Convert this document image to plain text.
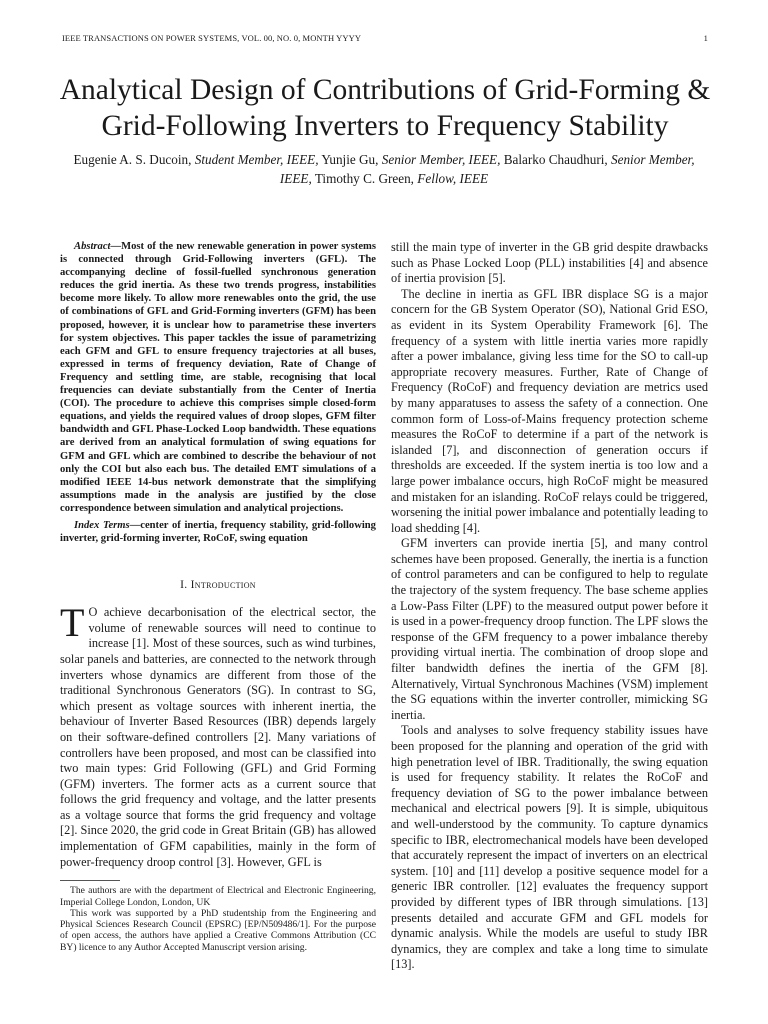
IEEE TRANSACTIONS ON POWER SYSTEMS, VOL. 00, NO. 0, MONTH YYYY	1
Analytical Design of Contributions of Grid-Forming & Grid-Following Inverters to Frequency Stability
Eugenie A. S. Ducoin, Student Member, IEEE, Yunjie Gu, Senior Member, IEEE, Balarko Chaudhuri, Senior Member, IEEE, Timothy C. Green, Fellow, IEEE

Abstract—Most of the new renewable generation in power systems is connected through Grid-Following inverters (GFL). The accompanying decline of fossil-fuelled synchronous generation reduces the grid inertia. As these two trends progress, instabilities become more likely. To allow more renewables onto the grid, the use of combinations of GFL and Grid-Forming inverters (GFM) has been proposed, however, it is unclear how to parametrise these inverters for system objectives. This paper tackles the issue of parametrizing each GFM and GFL to ensure frequency trajectories at all buses, expressed in terms of frequency deviation, Rate of Change of Frequency and settling time, are stable, recognising that local frequencies can deviate substantially from the Center of Inertia (COI). The procedure to achieve this comprises simple closed-form equations, and yields the required values of droop slopes, GFM filter bandwidth and GFL Phase-Locked Loop bandwidth. These equations are derived from an analytical formulation of swing equations for GFM and GFL which are combined to describe the behaviour of not only the COI but also each bus. The detailed EMT simulations of a modified IEEE 14-bus network demonstrate that the simplifying assumptions made in the analysis are justified by the close correspondence between simulation and analytical projections.

Index Terms—center of inertia, frequency stability, grid-following inverter, grid-forming inverter, RoCoF, swing equation

I. Introduction

T O achieve decarbonisation of the electrical sector, the volume of renewable sources will need to continue to increase [1]. Most of these sources, such as wind turbines, solar panels and batteries, are connected to the network through inverters whose dynamics are different from those of the traditional Synchronous Generators (SG). In contrast to SG, which present as voltage sources with inherent inertia, the behaviour of Inverter Based Resources (IBR) depends largely on their software-defined controllers [2]. Many variations of controllers have been proposed, and most can be classified into two main types: Grid Following (GFL) and Grid Forming (GFM) inverters. The former acts as a current source that follows the grid frequency and voltage, and the latter presents as a voltage source that forms the grid frequency and voltage [2]. Since 2020, the grid code in Great Britain (GB) has allowed implementation of GFM capabilities, mainly in the form of power-frequency droop control [3]. However, GFL is

The authors are with the department of Electrical and Electronic Engineering, Imperial College London, London, UK

This work was supported by a PhD studentship from the Engineering and Physical Sciences Research Council (EPSRC) [EP/N509486/1]. For the purpose of open access, the authors have applied a Creative Commons Attribution (CC BY) licence to any Author Accepted Manuscript version arising.

still the main type of inverter in the GB grid despite drawbacks such as Phase Locked Loop (PLL) instabilities [4] and absence of inertia provision [5].

The decline in inertia as GFL IBR displace SG is a major concern for the GB System Operator (SO), National Grid ESO, as evident in its System Operability Framework [6]. The frequency of a system with little inertia varies more rapidly after a power imbalance, giving less time for the SO to call-up appropriate recovery measures. Further, Rate of Change of Frequency (RoCoF) and frequency deviation are metrics used by many apparatuses to assess the safety of a connection. One common form of Loss-of-Mains frequency protection scheme measures the RoCoF to determine if a part of the network is islanded [7], and disconnection of generation occurs if thresholds are exceeded. If the system inertia is too low and a large power imbalance occurs, high RoCoF might be measured and mistaken for an islanding. RoCoF relays could be triggered, worsening the initial power imbalance and potentially leading to load shedding [4].

GFM inverters can provide inertia [5], and many control schemes have been proposed. Generally, the inertia is a function of control parameters and can be configured to help to regulate the trajectory of the system frequency. The base scheme applies a Low-Pass Filter (LPF) to the measured output power before it is used in a power-frequency droop function. The LPF slows the response of the GFM frequency to a power imbalance thereby providing virtual inertia. The combination of droop slope and filter bandwidth defines the inertia of the GFM [8]. Alternatively, Virtual Synchronous Machines (VSM) implement the SG equations within the inverter controller, mimicking SG inertia.

Tools and analyses to solve frequency stability issues have been proposed for the planning and operation of the grid with high penetration level of IBR. Traditionally, the swing equation is used for frequency stability. It relates the RoCoF and frequency deviation of SG to the power imbalance between mechanical and electrical powers [9]. It is simple, ubiquitous and well-understood by the community. To capture dynamics specific to IBR, electromechanical models have been developed that accurately represent the impact of inverters on an electrical system. [10] and [11] develop a positive sequence model for a generic IBR controller. [12] evaluates the frequency support provided by different types of IBR through simulations. [13] presents detailed and accurate GFM and GFL models for dynamic analysis. While the models are useful to study IBR dynamics, they are complex and take a long time to simulate [13].
